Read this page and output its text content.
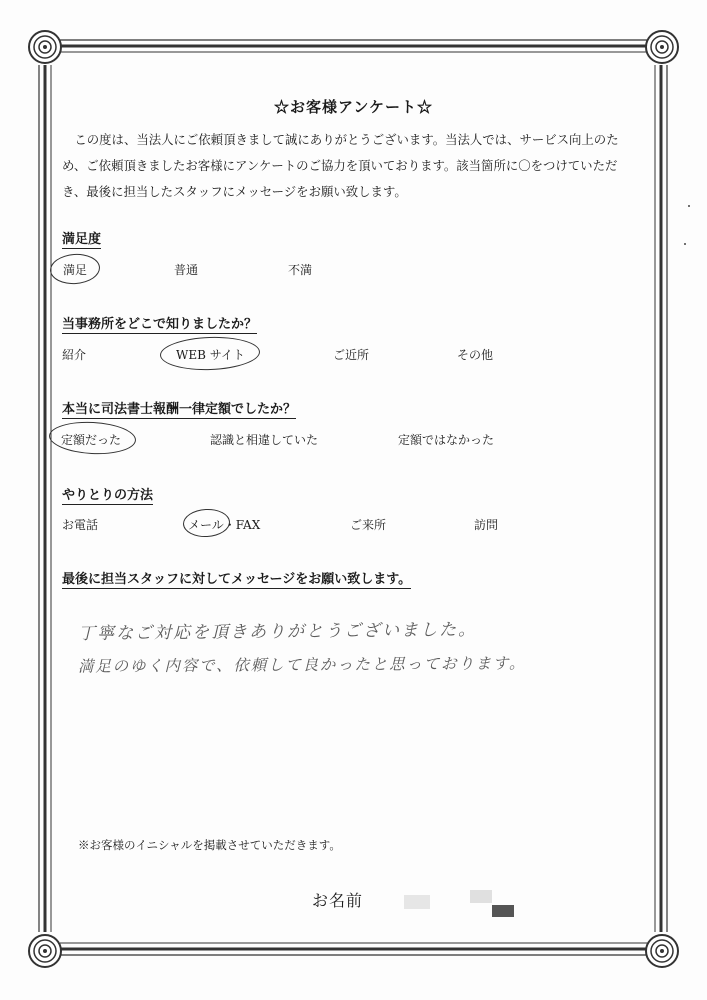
☆お客様アンケート☆

この度は、当法人にご依頼頂きまして誠にありがとうございます。当法人では、サービス向上のた

め、ご依頼頂きましたお客様にアンケートのご協力を頂いております。該当箇所に〇をつけていただ
き、最後に担当したスタッフにメッセージをお願い致します。
満足度
満足	普通	不満
当事務所をどこで知りましたか？
紹介	WEB サイト	ご近所	その他
本当に司法書士報酬一律定額でしたか？
定額だった	認識と相違していた	定額ではなかった
やりとりの方法
お電話	メール・FAX	ご来所	訪問
最後に担当スタッフに対してメッセージをお願い致します。
丁寧なご対応を頂きありがとうございました。
満足のゆく内容で、依頼して良かったと思っております。
※お客様のイニシャルを掲載させていただきます。
お名前
